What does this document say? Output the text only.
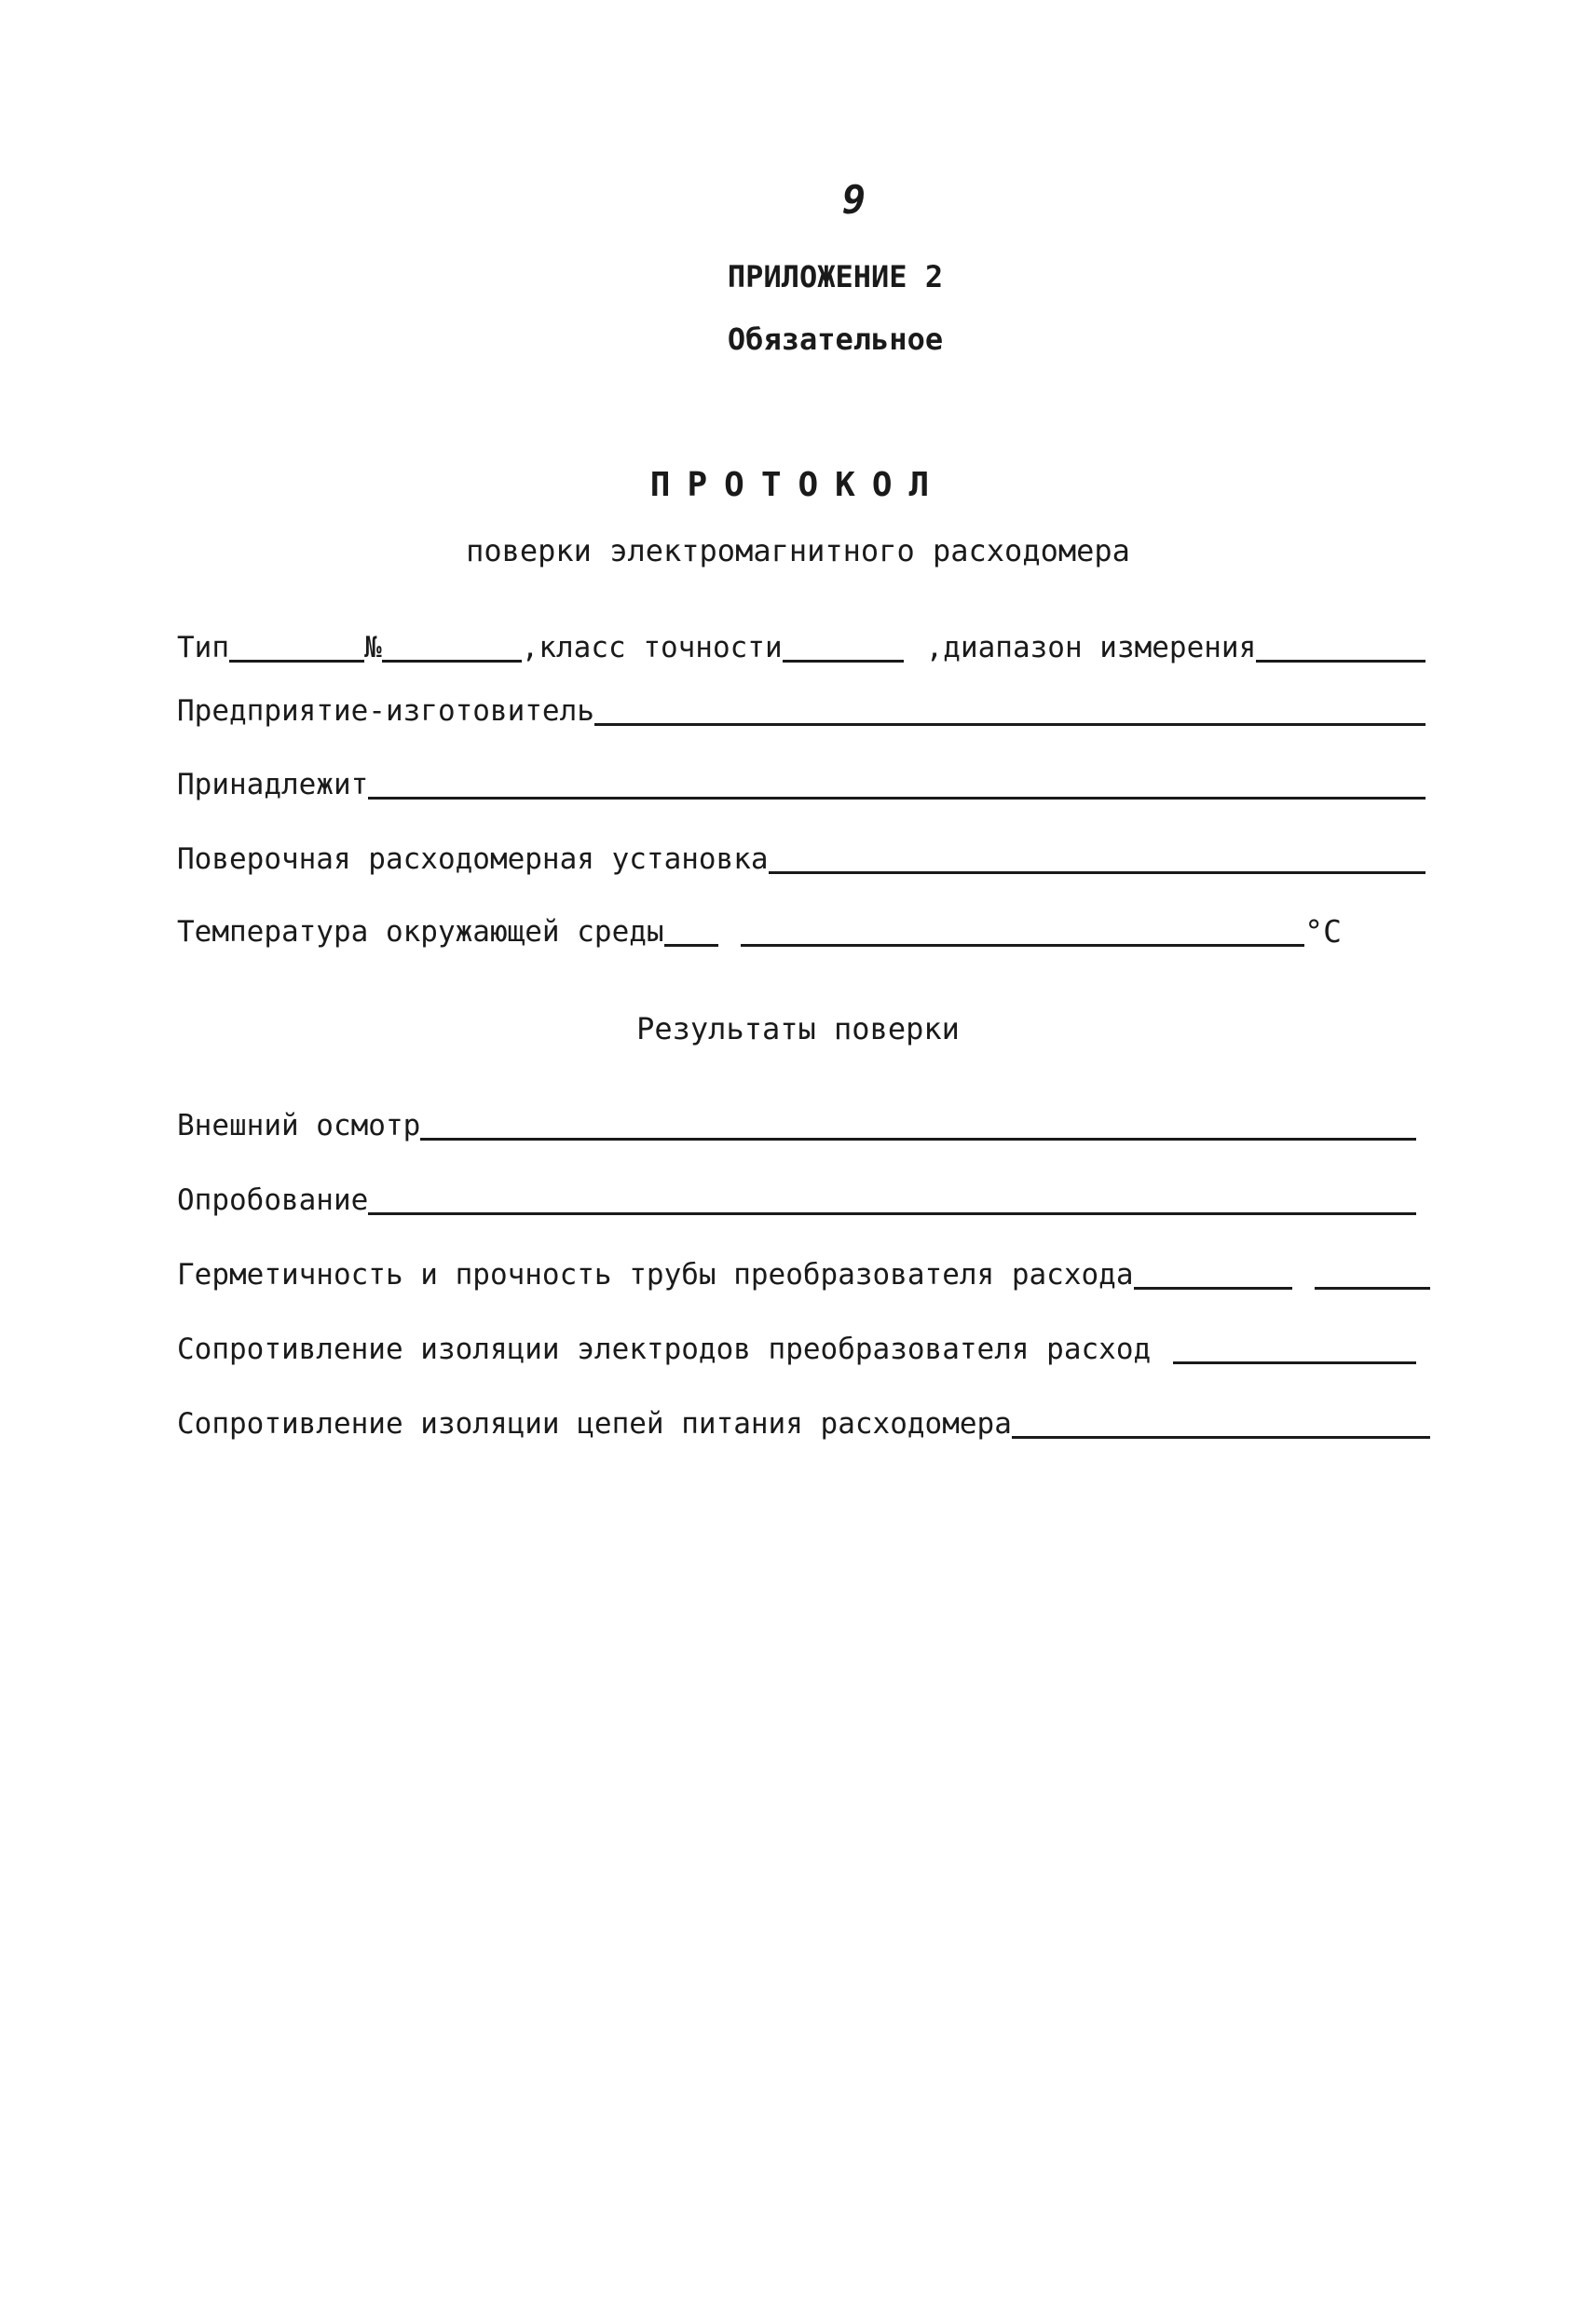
9
ПРИЛОЖЕНИЕ 2
Обязательное
ПРОТОКОЛ
поверки электромагнитного расходомера
Тип	№	,класс точности	,диапазон измерения
Предприятие-изготовитель
Принадлежит
Поверочная расходомерная установка
Температура окружающей среды	°С
Результаты поверки
Внешний осмотр
Опробование
Герметичность и прочность трубы преобразователя расхода
Сопротивление изоляции электродов преобразователя расход
Сопротивление изоляции цепей питания расходомера
